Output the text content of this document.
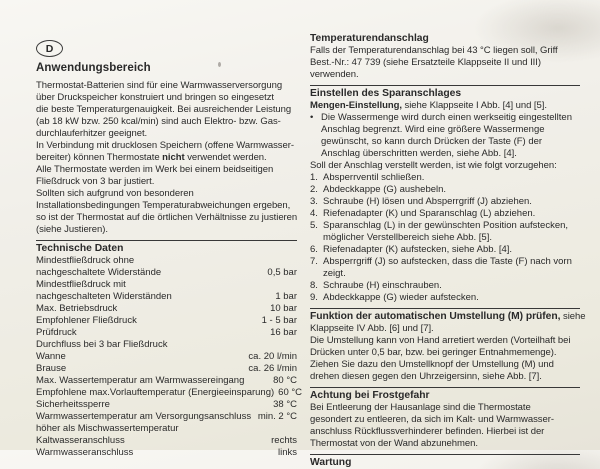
D
Anwendungsbereich
Thermostat-Batterien sind für eine Warmwasserversorgung
über Druckspeicher konstruiert und bringen so eingesetzt
die beste Temperaturgenauigkeit. Bei ausreichender Leistung
(ab 18 kW bzw. 250 kcal/min) sind auch Elektro- bzw. Gas-
durchlauferhitzer geeignet.
In Verbindung mit drucklosen Speichern (offene Warmwasser-
bereiter) können Thermostate nicht verwendet werden.
Alle Thermostate werden im Werk bei einem beidseitigen
Fließdruck von 3 bar justiert.
Sollten sich aufgrund von besonderen
Installationsbedingungen Temperaturabweichungen ergeben,
so ist der Thermostat auf die örtlichen Verhältnisse zu justieren
(siehe Justieren).
Technische Daten
Mindestfließdruck ohne
nachgeschaltete Widerstände	0,5 bar
Mindestfließdruck mit
nachgeschalteten Widerständen	1 bar
Max. Betriebsdruck	10 bar
Empfohlener Fließdruck	1 - 5 bar
Prüfdruck	16 bar
Durchfluss bei 3 bar Fließdruck
Wanne	ca. 20 l/min
Brause	ca. 26 l/min
Max. Wassertemperatur am Warmwassereingang	80 °C
Empfohlene max.Vorlauftemperatur (Energieeinsparung) 60 °C
Sicherheitssperre	38 °C
Warmwassertemperatur am Versorgungsanschluss min. 2 °C
höher als Mischwassertemperatur
Kaltwasseranschluss	rechts
Warmwasseranschluss	links
Temperaturendanschlag
Falls der Temperaturendanschlag bei 43 °C liegen soll, Griff
Best.-Nr.: 47 739 (siehe Ersatzteile Klappseite II und III)
verwenden.
Einstellen des Sparanschlages
Mengen-Einstellung, siehe Klappseite I Abb. [4] und [5].
• Die Wassermenge wird durch einen werkseitig eingestellten
Anschlag begrenzt. Wird eine größere Wassermenge
gewünscht, so kann durch Drücken der Taste (F) der
Anschlag überschritten werden, siehe Abb. [4].
Soll der Anschlag verstellt werden, ist wie folgt vorzugehen:
1. Absperrventil schließen.
2. Abdeckkappe (G) aushebeln.
3. Schraube (H) lösen und Absperrgriff (J) abziehen.
4. Riefenadapter (K) und Sparanschlag (L) abziehen.
5. Sparanschlag (L) in der gewünschten Position aufstecken,
möglicher Verstellbereich siehe Abb. [5].
6. Riefenadapter (K) aufstecken, siehe Abb. [4].
7. Absperrgriff (J) so aufstecken, dass die Taste (F) nach vorn
zeigt.
8. Schraube (H) einschrauben.
9. Abdeckkappe (G) wieder aufstecken.
Funktion der automatischen Umstellung (M) prüfen, siehe
Klappseite IV Abb. [6] und [7].
Die Umstellung kann von Hand arretiert werden (Vorteilhaft bei
Drücken unter 0,5 bar, bzw. bei geringer Entnahmemenge).
Ziehen Sie dazu den Umstellknopf der Umstellung (M) und
drehen diesen gegen den Uhrzeigersinn, siehe Abb. [7].
Achtung bei Frostgefahr
Bei Entleerung der Hausanlage sind die Thermostate
gesondert zu entleeren, da sich im Kalt- und Warmwasser-
anschluss Rückflussverhinderer befinden. Hierbei ist der
Thermostat von der Wand abzunehmen.
Wartung
